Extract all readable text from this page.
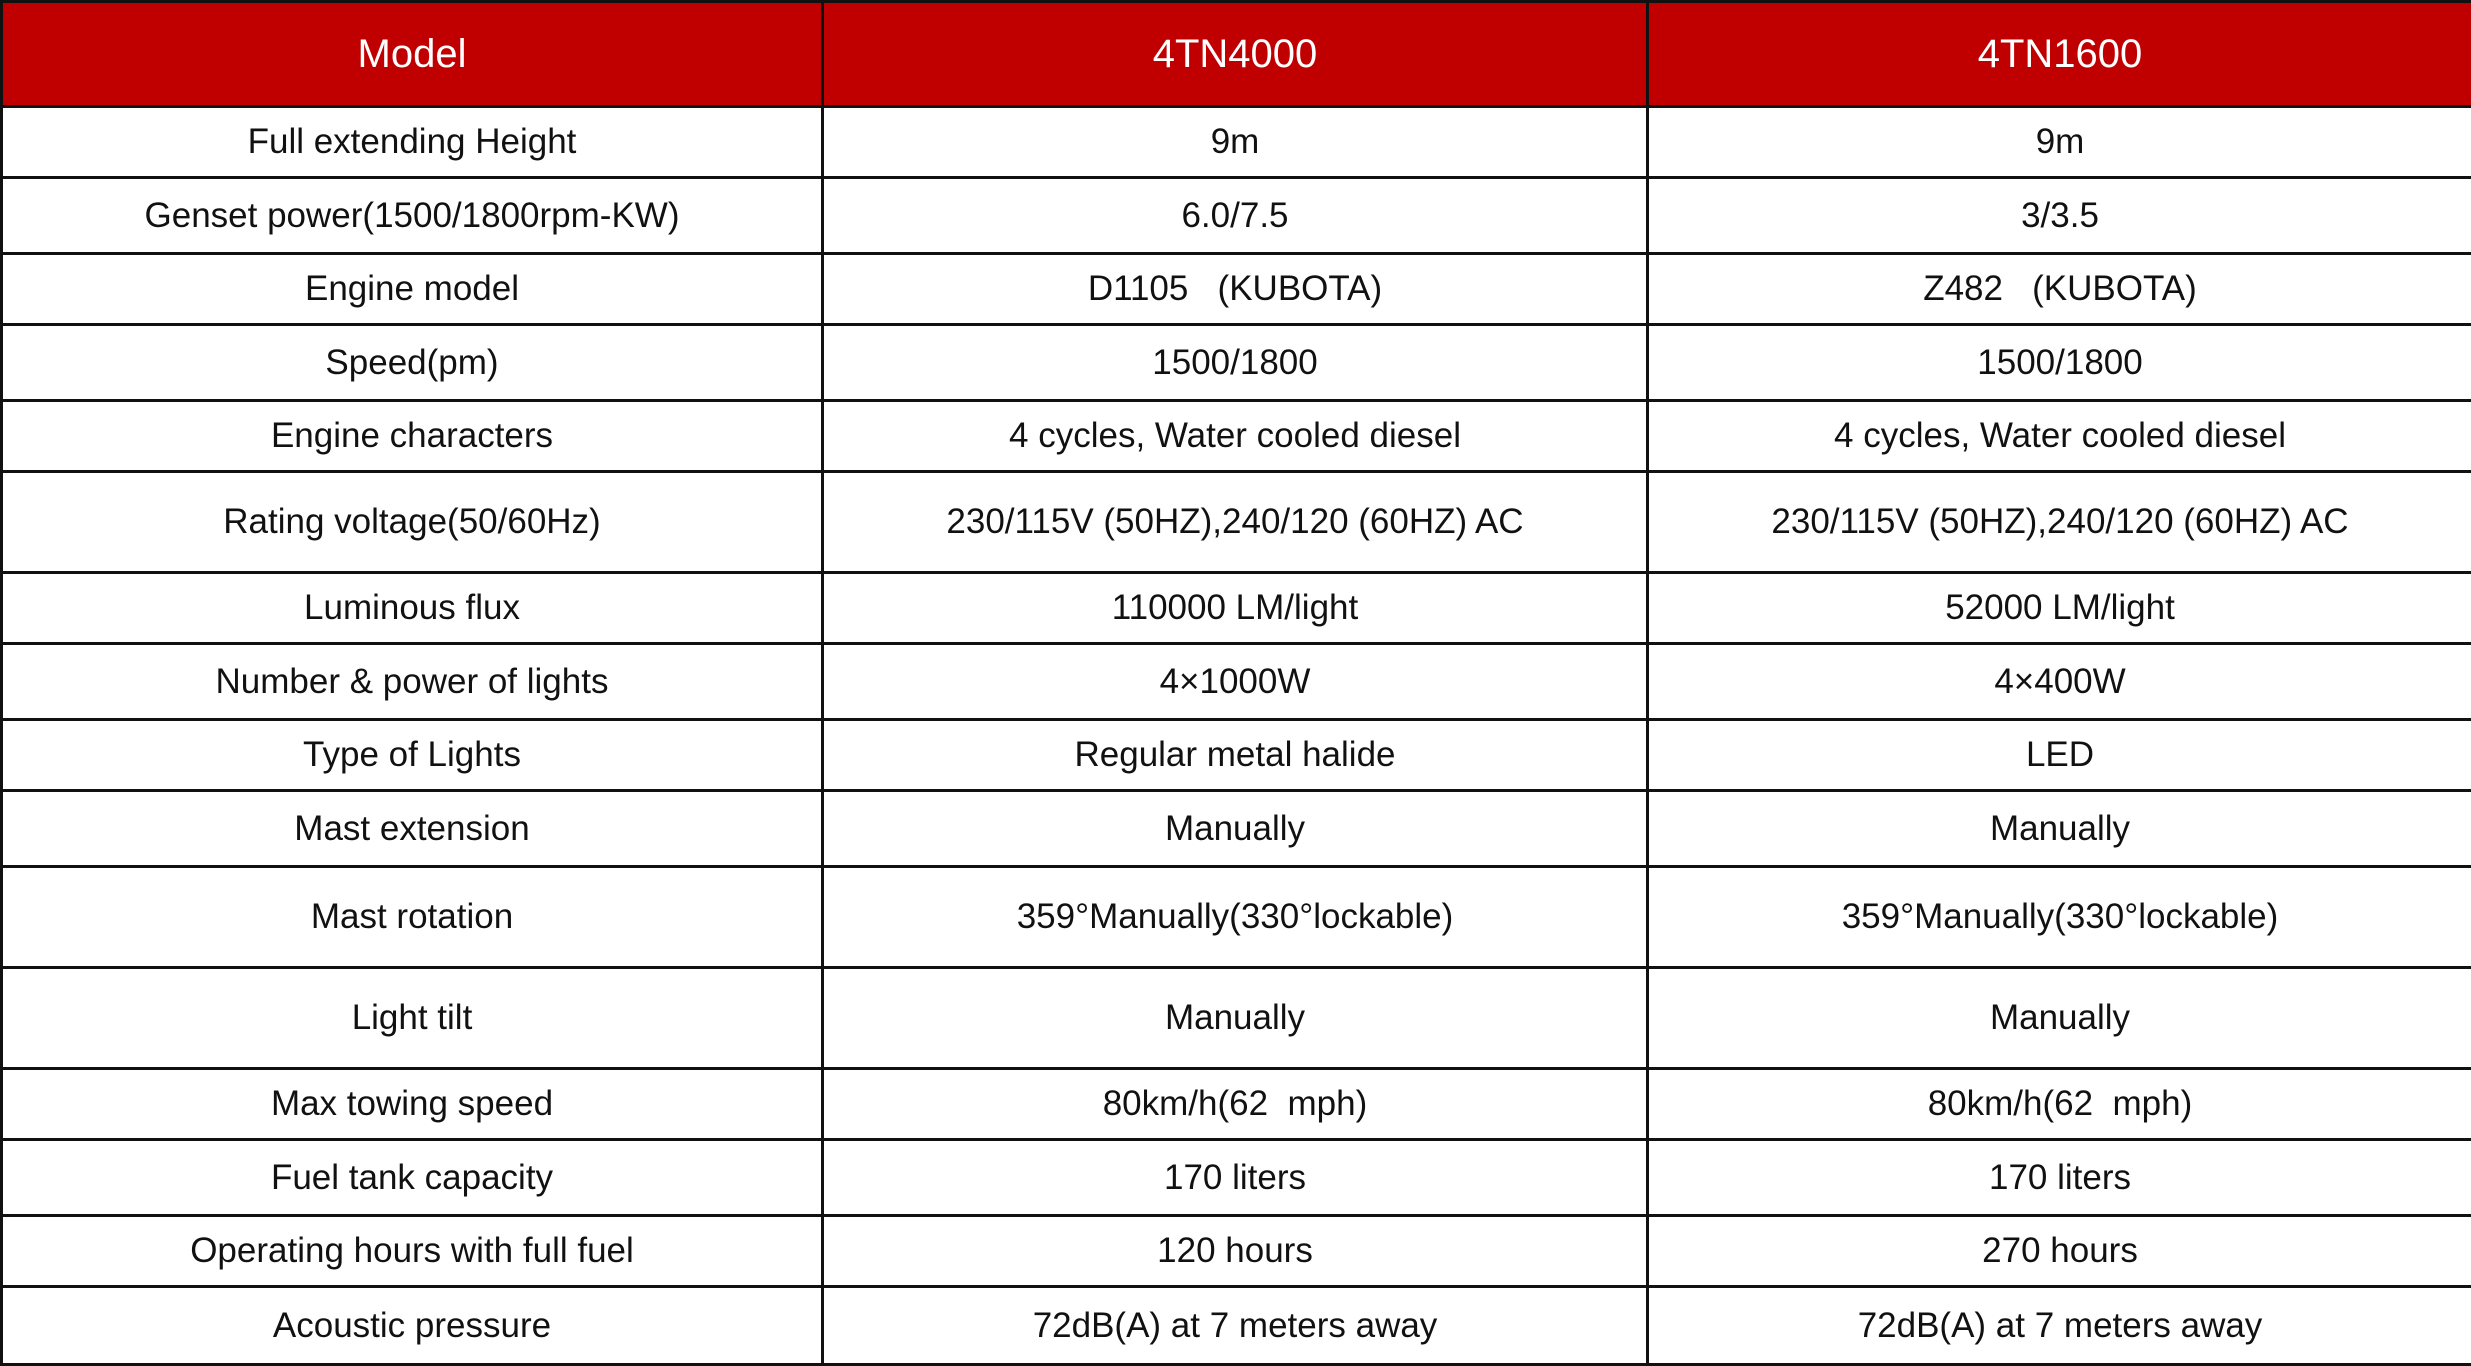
Model	4TN4000	4TN1600
Full extending Height	9m	9m
Genset power(1500/1800rpm-KW)	6.0/7.5	3/3.5
Engine model	D1105   (KUBOTA)	Z482   (KUBOTA)
Speed(pm)	1500/1800	1500/1800
Engine characters	4 cycles, Water cooled diesel	4 cycles, Water cooled diesel
Rating voltage(50/60Hz)	230/115V (50HZ),240/120 (60HZ) AC	230/115V (50HZ),240/120 (60HZ) AC
Luminous flux	110000 LM/light	52000 LM/light
Number & power of lights	4×1000W	4×400W
Type of Lights	Regular metal halide	LED
Mast extension	Manually	Manually
Mast rotation	359°Manually(330°lockable)	359°Manually(330°lockable)
Light tilt	Manually	Manually
Max towing speed	80km/h(62  mph)	80km/h(62  mph)
Fuel tank capacity	170 liters	170 liters
Operating hours with full fuel	120 hours	270 hours
Acoustic pressure	72dB(A) at 7 meters away	72dB(A) at 7 meters away
